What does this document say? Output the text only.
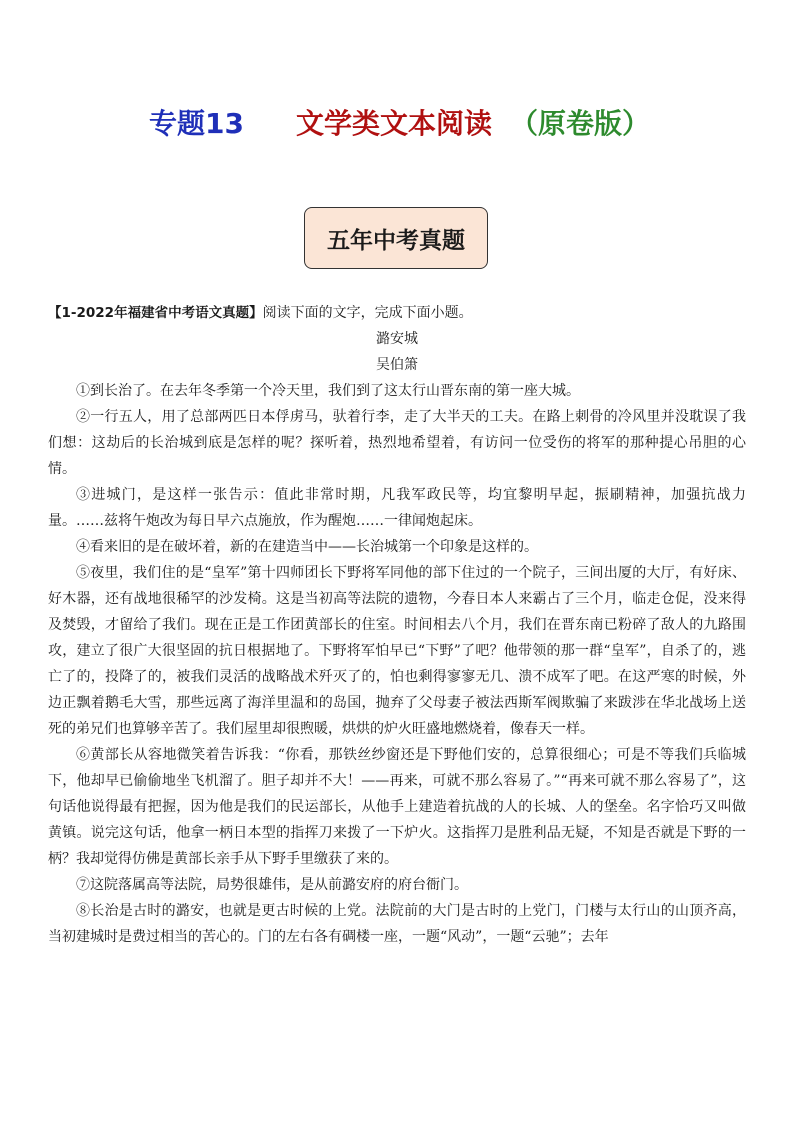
专题13 文学类文本阅读 （原卷版）
五年中考真题

【1-2022年福建省中考语文真题】阅读下面的文字，完成下面小题。

潞安城

吴伯箫

①到长治了。在去年冬季第一个冷天里，我们到了这太行山晋东南的第一座大城。

②一行五人，用了总部两匹日本俘虏马，驮着行李，走了大半天的工夫。在路上刺骨的冷风里并没耽误了我们想：这劫后的长治城到底是怎样的呢？探听着，热烈地希望着，有访问一位受伤的将军的那种提心吊胆的心情。

③进城门，是这样一张告示：值此非常时期，凡我军政民等，均宜黎明早起，振刷精神，加强抗战力量。……兹将午炮改为每日早六点施放，作为醒炮……一律闻炮起床。

④看来旧的是在破坏着，新的在建造当中——长治城第一个印象是这样的。

⑤夜里，我们住的是“皇军”第十四师团长下野将军同他的部下住过的一个院子，三间出厦的大厅，有好床、好木器，还有战地很稀罕的沙发椅。这是当初高等法院的遗物，今春日本人来霸占了三个月，临走仓促，没来得及焚毁，才留给了我们。现在正是工作团黄部长的住室。时间相去八个月，我们在晋东南已粉碎了敌人的九路围攻，建立了很广大很坚固的抗日根据地了。下野将军怕早已“下野”了吧？他带领的那一群“皇军”，自杀了的，逃亡了的，投降了的，被我们灵活的战略战术歼灭了的，怕也剩得寥寥无几、溃不成军了吧。在这严寒的时候，外边正飘着鹅毛大雪，那些远离了海洋里温和的岛国，抛弃了父母妻子被法西斯军阀欺骗了来跋涉在华北战场上送死的弟兄们也算够辛苦了。我们屋里却很煦暖，烘烘的炉火旺盛地燃烧着，像春天一样。

⑥黄部长从容地微笑着告诉我：“你看，那铁丝纱窗还是下野他们安的，总算很细心；可是不等我们兵临城下，他却早已偷偷地坐飞机溜了。胆子却并不大！——再来，可就不那么容易了。”“再来可就不那么容易了”，这句话他说得最有把握，因为他是我们的民运部长，从他手上建造着抗战的人的长城、人的堡垒。名字恰巧又叫做黄镇。说完这句话，他拿一柄日本型的指挥刀来拨了一下炉火。这指挥刀是胜利品无疑，不知是否就是下野的一柄？我却觉得仿佛是黄部长亲手从下野手里缴获了来的。

⑦这院落属高等法院，局势很雄伟，是从前潞安府的府台衙门。

⑧长治是古时的潞安，也就是更古时候的上党。法院前的大门是古时的上党门，门楼与太行山的山顶齐高，当初建城时是费过相当的苦心的。门的左右各有碉楼一座，一题“风动”，一题“云驰”；去年
